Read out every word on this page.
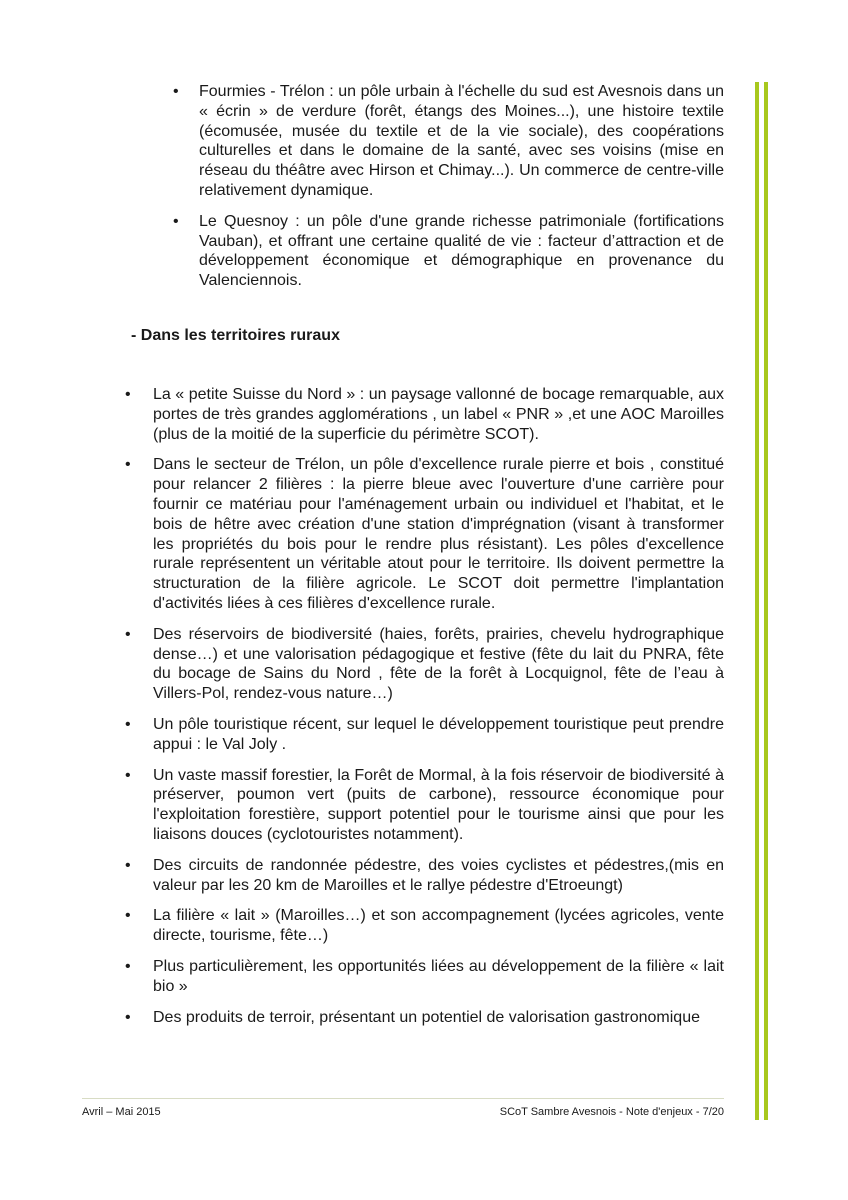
• Fourmies - Trélon : un pôle urbain à l'échelle du sud est Avesnois dans un « écrin » de verdure (forêt, étangs des Moines...), une histoire textile (écomusée, musée du textile et de la vie sociale), des coopérations culturelles et dans le domaine de la santé, avec ses voisins (mise en réseau du théâtre avec Hirson et Chimay...). Un commerce de centre-ville relativement dynamique.
• Le Quesnoy : un pôle d'une grande richesse patrimoniale (fortifications Vauban), et offrant une certaine qualité de vie : facteur d’attraction et de développement économique et démographique en provenance du Valenciennois.
- Dans les territoires ruraux
• La « petite Suisse du Nord » : un paysage vallonné de bocage remarquable, aux portes de très grandes agglomérations , un label « PNR » ,et une AOC Maroilles (plus de la moitié de la superficie du périmètre SCOT).
• Dans le secteur de Trélon, un pôle d'excellence rurale pierre et bois , constitué pour relancer 2 filières : la pierre bleue avec l'ouverture d'une carrière pour fournir ce matériau pour l'aménagement urbain ou individuel et l'habitat, et le bois de hêtre avec création d'une station d'imprégnation (visant à transformer les propriétés du bois pour le rendre plus résistant). Les pôles d'excellence rurale représentent un véritable atout pour le territoire. Ils doivent permettre la structuration de la filière agricole. Le SCOT doit permettre l'implantation d'activités liées à ces filières d'excellence rurale.
• Des réservoirs de biodiversité (haies, forêts, prairies, chevelu hydrographique dense…) et une valorisation pédagogique et festive (fête du lait du PNRA, fête du bocage de Sains du Nord , fête de la forêt à Locquignol, fête de l’eau à Villers-Pol, rendez-vous nature…)
• Un pôle touristique récent, sur lequel le développement touristique peut prendre appui : le Val Joly .
• Un vaste massif forestier, la Forêt de Mormal, à la fois réservoir de biodiversité à préserver, poumon vert (puits de carbone), ressource économique pour l'exploitation forestière, support potentiel pour le tourisme ainsi que pour les liaisons douces (cyclotouristes notamment).
• Des circuits de randonnée pédestre, des voies cyclistes et pédestres,(mis en valeur par les 20 km de Maroilles et le rallye pédestre d'Etroeungt)
• La filière « lait » (Maroilles…) et son accompagnement (lycées agricoles, vente directe, tourisme, fête…)
• Plus particulièrement, les opportunités liées au développement de la filière « lait bio »
• Des produits de terroir, présentant un potentiel de valorisation gastronomique
Avril – Mai 2015	SCoT Sambre Avesnois - Note d'enjeux - 7/20
